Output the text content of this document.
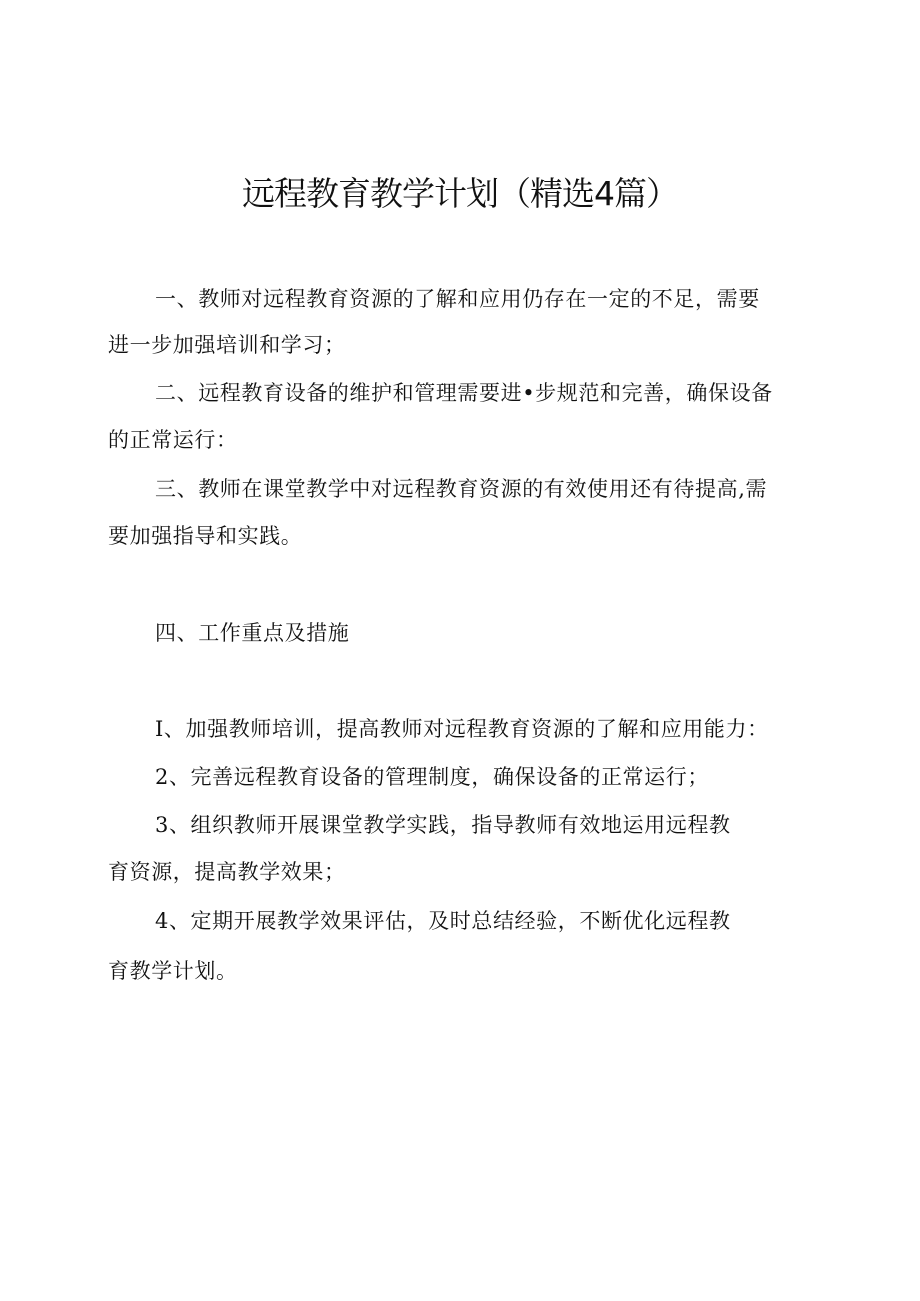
远程教育教学计划（精选4篇）
一、教师对远程教育资源的了解和应用仍存在一定的不足，需要
进一步加强培训和学习；
二、远程教育设备的维护和管理需要进•步规范和完善，确保设备
的正常运行：
三、教师在课堂教学中对远程教育资源的有效使用还有待提高,需
要加强指导和实践。
四、工作重点及措施
I、加强教师培训，提高教师对远程教育资源的了解和应用能力：
2、完善远程教育设备的管理制度，确保设备的正常运行；
3、组织教师开展课堂教学实践，指导教师有效地运用远程教
育资源，提高教学效果；
4、定期开展教学效果评估，及时总结经验，不断优化远程教
育教学计划。
